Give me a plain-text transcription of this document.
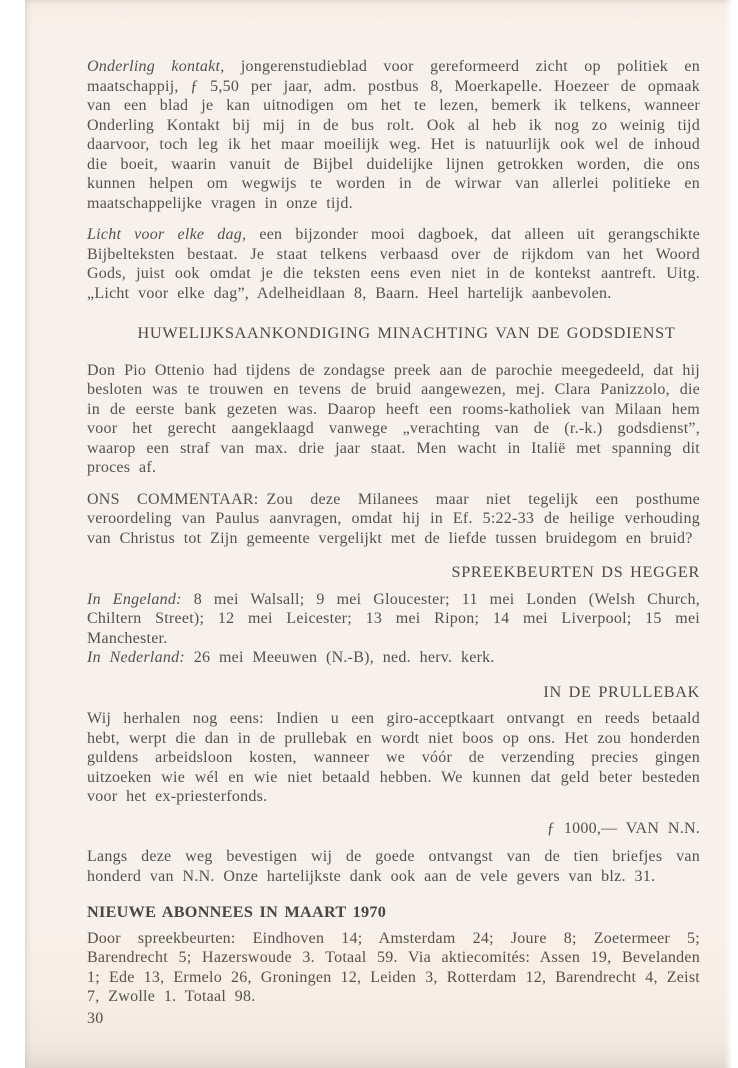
Onderling kontakt, jongerenstudieblad voor gereformeerd zicht op politiek en maatschappij, ƒ 5,50 per jaar, adm. postbus 8, Moerkapelle. Hoezeer de opmaak van een blad je kan uitnodigen om het te lezen, bemerk ik telkens, wanneer Onderling Kontakt bij mij in de bus rolt. Ook al heb ik nog zo weinig tijd daarvoor, toch leg ik het maar moeilijk weg. Het is natuurlijk ook wel de inhoud die boeit, waarin vanuit de Bijbel duidelijke lijnen getrokken worden, die ons kunnen helpen om wegwijs te worden in de wirwar van allerlei politieke en maatschappelijke vragen in onze tijd.

Licht voor elke dag, een bijzonder mooi dagboek, dat alleen uit gerangschikte Bijbelteksten bestaat. Je staat telkens verbaasd over de rijkdom van het Woord Gods, juist ook omdat je die teksten eens even niet in de kontekst aantreft. Uitg. „Licht voor elke dag”, Adelheidlaan 8, Baarn. Heel hartelijk aanbevolen.

HUWELIJKSAANKONDIGING MINACHTING VAN DE GODSDIENST

Don Pio Ottenio had tijdens de zondagse preek aan de parochie meegedeeld, dat hij besloten was te trouwen en tevens de bruid aangewezen, mej. Clara Panizzolo, die in de eerste bank gezeten was. Daarop heeft een rooms-katholiek van Milaan hem voor het gerecht aangeklaagd vanwege „verachting van de (r.-k.) godsdienst”, waarop een straf van max. drie jaar staat. Men wacht in Italië met spanning dit proces af.

ONS COMMENTAAR: Zou deze Milanees maar niet tegelijk een posthume veroordeling van Paulus aanvragen, omdat hij in Ef. 5:22-33 de heilige verhouding van Christus tot Zijn gemeente vergelijkt met de liefde tussen bruidegom en bruid?

SPREEKBEURTEN DS HEGGER

In Engeland: 8 mei Walsall; 9 mei Gloucester; 11 mei Londen (Welsh Church, Chiltern Street); 12 mei Leicester; 13 mei Ripon; 14 mei Liverpool; 15 mei Manchester.

In Nederland: 26 mei Meeuwen (N.-B), ned. herv. kerk.

IN DE PRULLEBAK

Wij herhalen nog eens: Indien u een giro-acceptkaart ontvangt en reeds betaald hebt, werpt die dan in de prullebak en wordt niet boos op ons. Het zou honderden guldens arbeidsloon kosten, wanneer we vóór de verzending precies gingen uitzoeken wie wél en wie niet betaald hebben. We kunnen dat geld beter besteden voor het ex-priesterfonds.

ƒ 1000,— VAN N.N.

Langs deze weg bevestigen wij de goede ontvangst van de tien briefjes van honderd van N.N. Onze hartelijkste dank ook aan de vele gevers van blz. 31.

NIEUWE ABONNEES IN MAART 1970

Door spreekbeurten: Eindhoven 14; Amsterdam 24; Joure 8; Zoetermeer 5; Barendrecht 5; Hazerswoude 3. Totaal 59. Via aktiecomités: Assen 19, Bevelanden 1; Ede 13, Ermelo 26, Groningen 12, Leiden 3, Rotterdam 12, Barendrecht 4, Zeist 7, Zwolle 1. Totaal 98.

30
